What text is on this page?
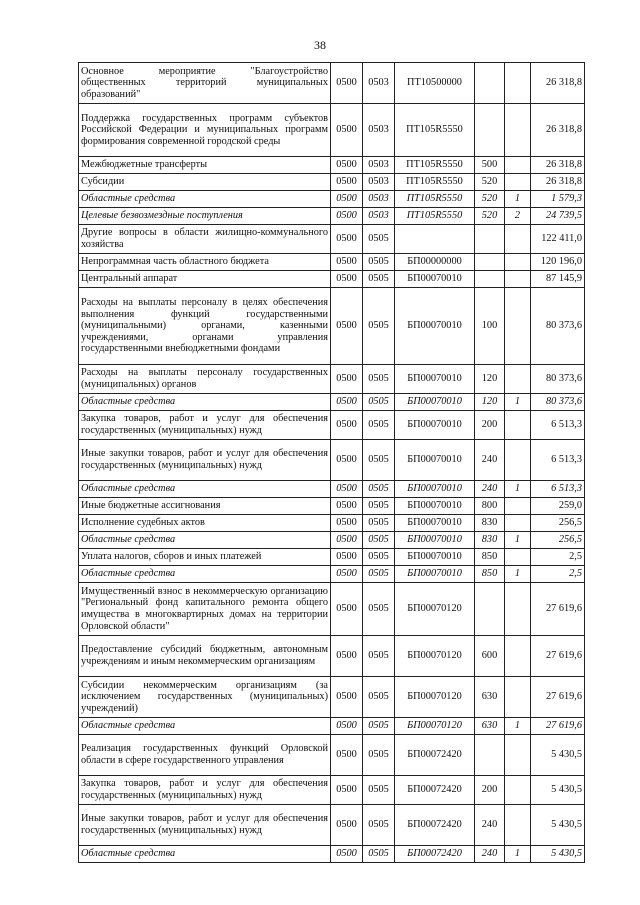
38
Основное мероприятие "Благоустройство общественных территорий муниципальных образований"	0500	0503	ПТ10500000			26 318,8
Поддержка государственных программ субъектов Российской Федерации и муниципальных программ формирования современной городской среды	0500	0503	ПТ105R5550			26 318,8
Межбюджетные трансферты	0500	0503	ПТ105R5550	500		26 318,8
Субсидии	0500	0503	ПТ105R5550	520		26 318,8
Областные средства	0500	0503	ПТ105R5550	520	1	1 579,3
Целевые безвозмездные поступления	0500	0503	ПТ105R5550	520	2	24 739,5
Другие вопросы в области жилищно-коммунального хозяйства	0500	0505				122 411,0
Непрограммная часть областного бюджета	0500	0505	БП00000000			120 196,0
Центральный аппарат	0500	0505	БП00070010			87 145,9
Расходы на выплаты персоналу в целях обеспечения выполнения функций государственными (муниципальными) органами, казенными учреждениями, органами управления государственными внебюджетными фондами	0500	0505	БП00070010	100		80 373,6
Расходы на выплаты персоналу государственных (муниципальных) органов	0500	0505	БП00070010	120		80 373,6
Областные средства	0500	0505	БП00070010	120	1	80 373,6
Закупка товаров, работ и услуг для обеспечения государственных (муниципальных) нужд	0500	0505	БП00070010	200		6 513,3
Иные закупки товаров, работ и услуг для обеспечения государственных (муниципальных) нужд	0500	0505	БП00070010	240		6 513,3
Областные средства	0500	0505	БП00070010	240	1	6 513,3
Иные бюджетные ассигнования	0500	0505	БП00070010	800		259,0
Исполнение судебных актов	0500	0505	БП00070010	830		256,5
Областные средства	0500	0505	БП00070010	830	1	256,5
Уплата налогов, сборов и иных платежей	0500	0505	БП00070010	850		2,5
Областные средства	0500	0505	БП00070010	850	1	2,5
Имущественный взнос в некоммерческую организацию "Региональный фонд капитального ремонта общего имущества в многоквартирных домах на территории Орловской области"	0500	0505	БП00070120			27 619,6
Предоставление субсидий бюджетным, автономным учреждениям и иным некоммерческим организациям	0500	0505	БП00070120	600		27 619,6
Субсидии некоммерческим организациям (за исключением государственных (муниципальных) учреждений)	0500	0505	БП00070120	630		27 619,6
Областные средства	0500	0505	БП00070120	630	1	27 619,6
Реализация государственных функций Орловской области в сфере государственного управления	0500	0505	БП00072420			5 430,5
Закупка товаров, работ и услуг для обеспечения государственных (муниципальных) нужд	0500	0505	БП00072420	200		5 430,5
Иные закупки товаров, работ и услуг для обеспечения государственных (муниципальных) нужд	0500	0505	БП00072420	240		5 430,5
Областные средства	0500	0505	БП00072420	240	1	5 430,5
